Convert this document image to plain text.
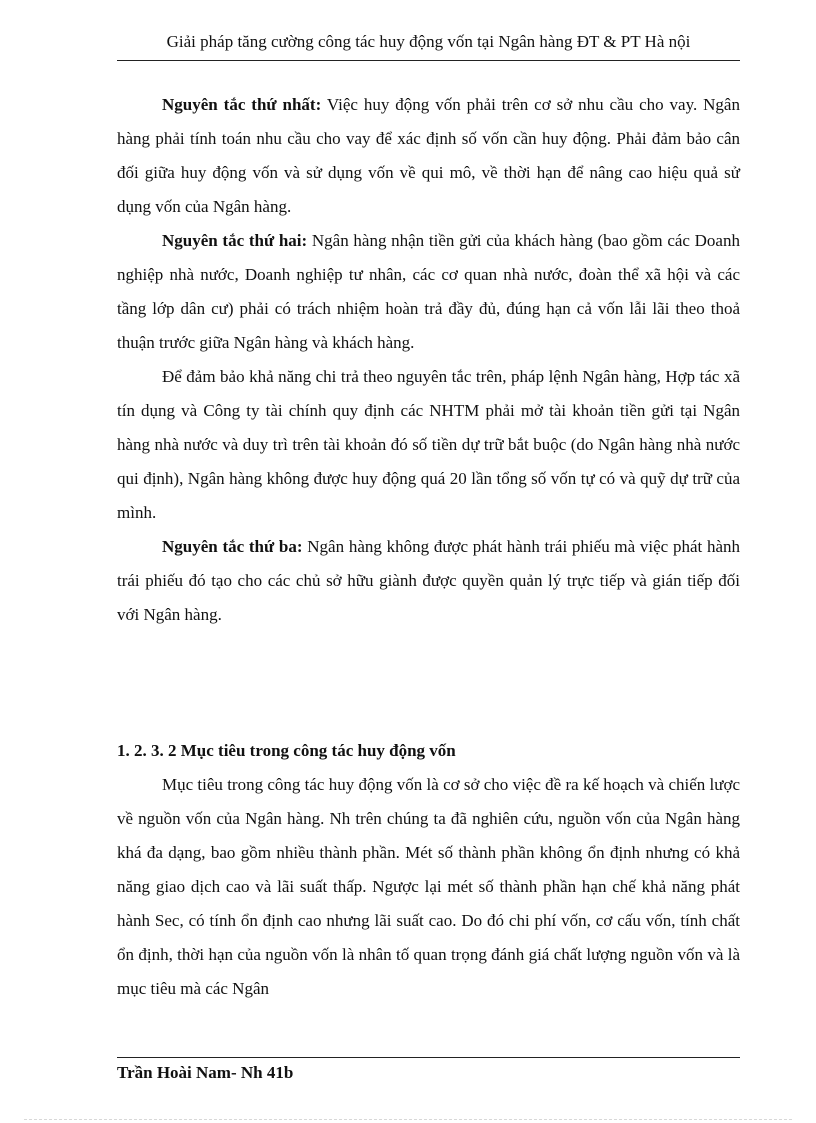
Giải pháp tăng cường công tác huy động vốn tại Ngân hàng ĐT & PT Hà nội

Nguyên tắc thứ nhất: Việc huy động vốn phải trên cơ sở nhu cầu cho vay. Ngân hàng phải tính toán nhu cầu cho vay để xác định số vốn cần huy động. Phải đảm bảo cân đối giữa huy động vốn và sử dụng vốn về qui mô, về thời hạn để nâng cao hiệu quả sử dụng vốn của Ngân hàng.

Nguyên tắc thứ hai: Ngân hàng nhận tiền gửi của khách hàng (bao gồm các Doanh nghiệp nhà nước, Doanh nghiệp tư nhân, các cơ quan nhà nước, đoàn thể xã hội và các tầng lớp dân cư) phải có trách nhiệm hoàn trả đầy đủ, đúng hạn cả vốn lẫi lãi theo thoả thuận trước giữa Ngân hàng và khách hàng.

Để đảm bảo khả năng chi trả theo nguyên tắc trên, pháp lệnh Ngân hàng, Hợp tác xã tín dụng và Công ty tài chính quy định các NHTM phải mở tài khoản tiền gửi tại Ngân hàng nhà nước và duy trì trên tài khoản đó số tiền dự trữ bắt buộc (do Ngân hàng nhà nước qui định), Ngân hàng không được huy động quá 20 lần tổng số vốn tự có và quỹ dự trữ của mình.

Nguyên tắc thứ ba: Ngân hàng không được phát hành trái phiếu mà việc phát hành trái phiếu đó tạo cho các chủ sở hữu giành được quyền quản lý trực tiếp và gián tiếp đối với Ngân hàng.

1. 2. 3. 2 Mục tiêu trong công tác huy động vốn

Mục tiêu trong công tác huy động vốn là cơ sở cho việc đề ra kế hoạch và chiến lược về nguồn vốn của Ngân hàng. Nh trên chúng ta đã nghiên cứu, nguồn vốn của Ngân hàng khá đa dạng, bao gồm nhiều thành phần. Mét số thành phần không ổn định nhưng có khả năng giao dịch cao và lãi suất thấp. Ngược lại mét số thành phần hạn chế khả năng phát hành Sec, có tính ổn định cao nhưng lãi suất cao. Do đó chi phí vốn, cơ cấu vốn, tính chất ổn định, thời hạn của nguồn vốn là nhân tố quan trọng đánh giá chất lượng nguồn vốn và là mục tiêu mà các Ngân

Trần Hoài Nam- Nh 41b
